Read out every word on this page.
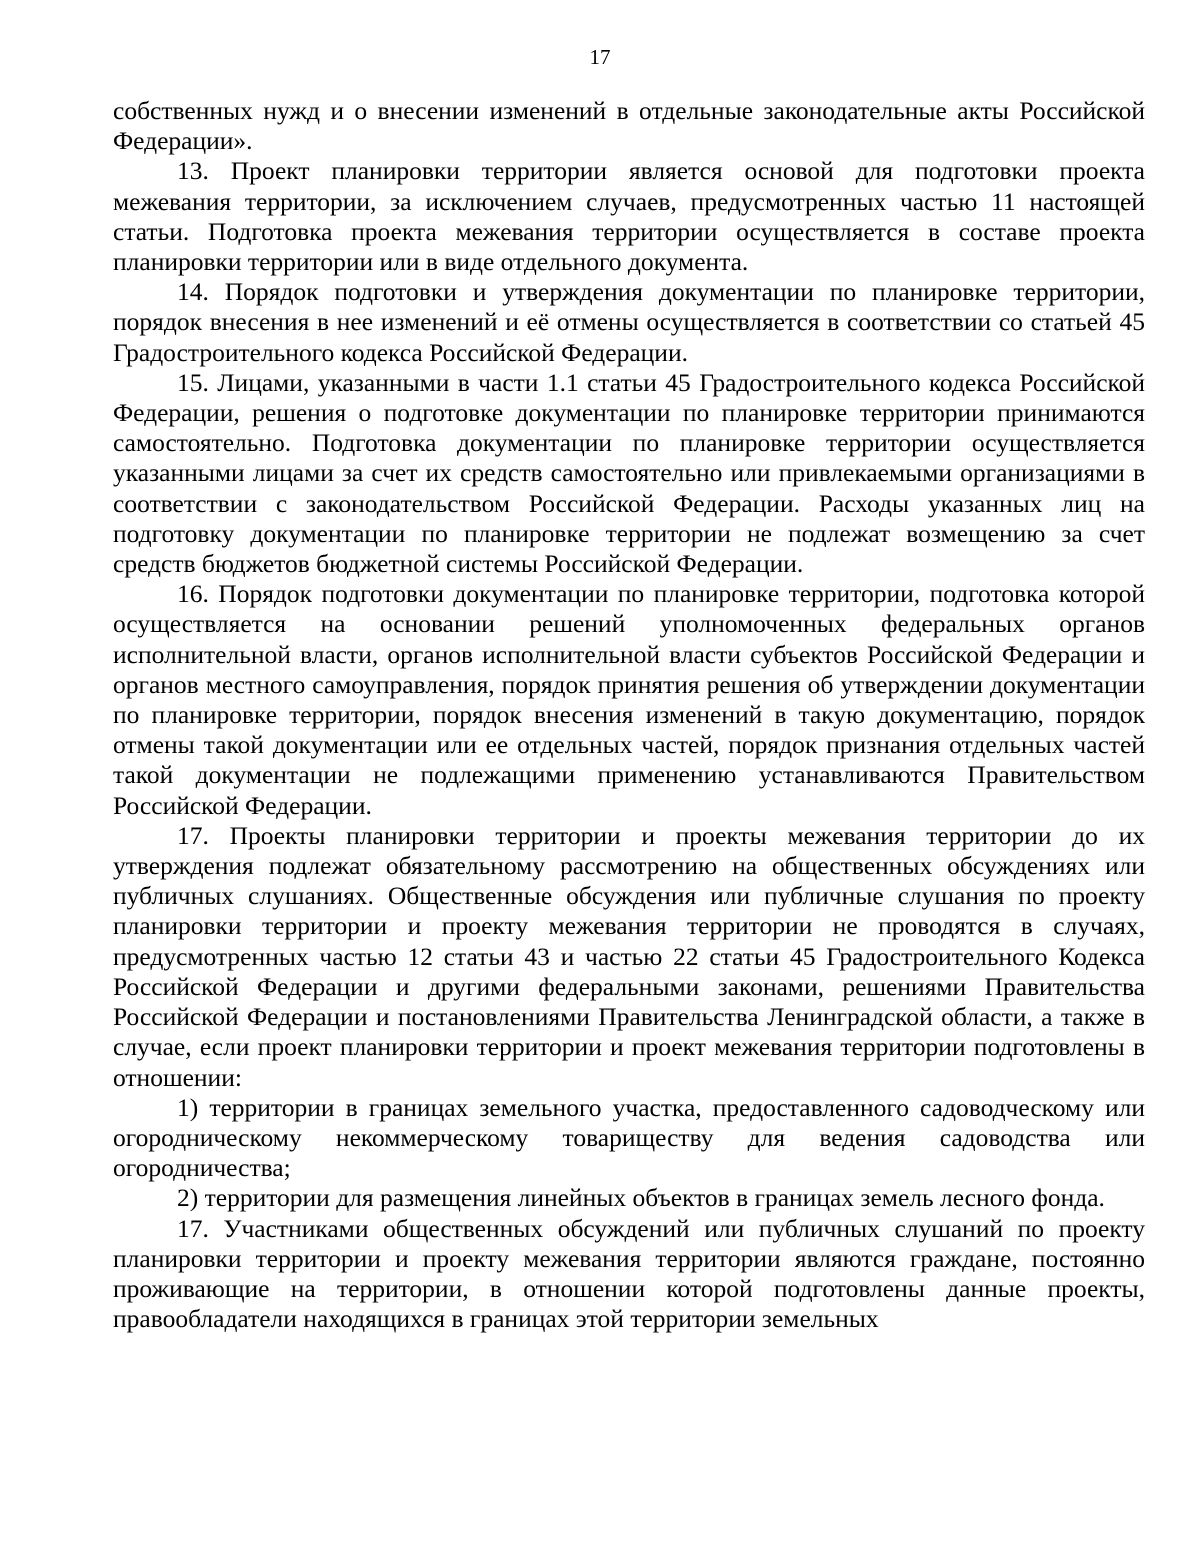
17

собственных нужд и о внесении изменений в отдельные законодательные акты Российской Федерации».

13. Проект планировки территории является основой для подготовки проекта межевания территории, за исключением случаев, предусмотренных частью 11 настоящей статьи. Подготовка проекта межевания территории осуществляется в составе проекта планировки территории или в виде отдельного документа.

14. Порядок подготовки и утверждения документации по планировке территории, порядок внесения в нее изменений и её отмены осуществляется в соответствии со статьей 45 Градостроительного кодекса Российской Федерации.

15. Лицами, указанными в части 1.1 статьи 45 Градостроительного кодекса Российской Федерации, решения о подготовке документации по планировке территории принимаются самостоятельно. Подготовка документации по планировке территории осуществляется указанными лицами за счет их средств самостоятельно или привлекаемыми организациями в соответствии с законодательством Российской Федерации. Расходы указанных лиц на подготовку документации по планировке территории не подлежат возмещению за счет средств бюджетов бюджетной системы Российской Федерации.

16. Порядок подготовки документации по планировке территории, подготовка которой осуществляется на основании решений уполномоченных федеральных органов исполнительной власти, органов исполнительной власти субъектов Российской Федерации и органов местного самоуправления, порядок принятия решения об утверждении документации по планировке территории, порядок внесения изменений в такую документацию, порядок отмены такой документации или ее отдельных частей, порядок признания отдельных частей такой документации не подлежащими применению устанавливаются Правительством Российской Федерации.

17. Проекты планировки территории и проекты межевания территории до их утверждения подлежат обязательному рассмотрению на общественных обсуждениях или публичных слушаниях. Общественные обсуждения или публичные слушания по проекту планировки территории и проекту межевания территории не проводятся в случаях, предусмотренных частью 12 статьи 43 и частью 22 статьи 45 Градостроительного Кодекса Российской Федерации и другими федеральными законами, решениями Правительства Российской Федерации и постановлениями Правительства Ленинградской области, а также в случае, если проект планировки территории и проект межевания территории подготовлены в отношении:

1) территории в границах земельного участка, предоставленного садоводческому или огородническому некоммерческому товариществу для ведения садоводства или огородничества;

2) территории для размещения линейных объектов в границах земель лесного фонда.

17. Участниками общественных обсуждений или публичных слушаний по проекту планировки территории и проекту межевания территории являются граждане, постоянно проживающие на территории, в отношении которой подготовлены данные проекты, правообладатели находящихся в границах этой территории земельных
